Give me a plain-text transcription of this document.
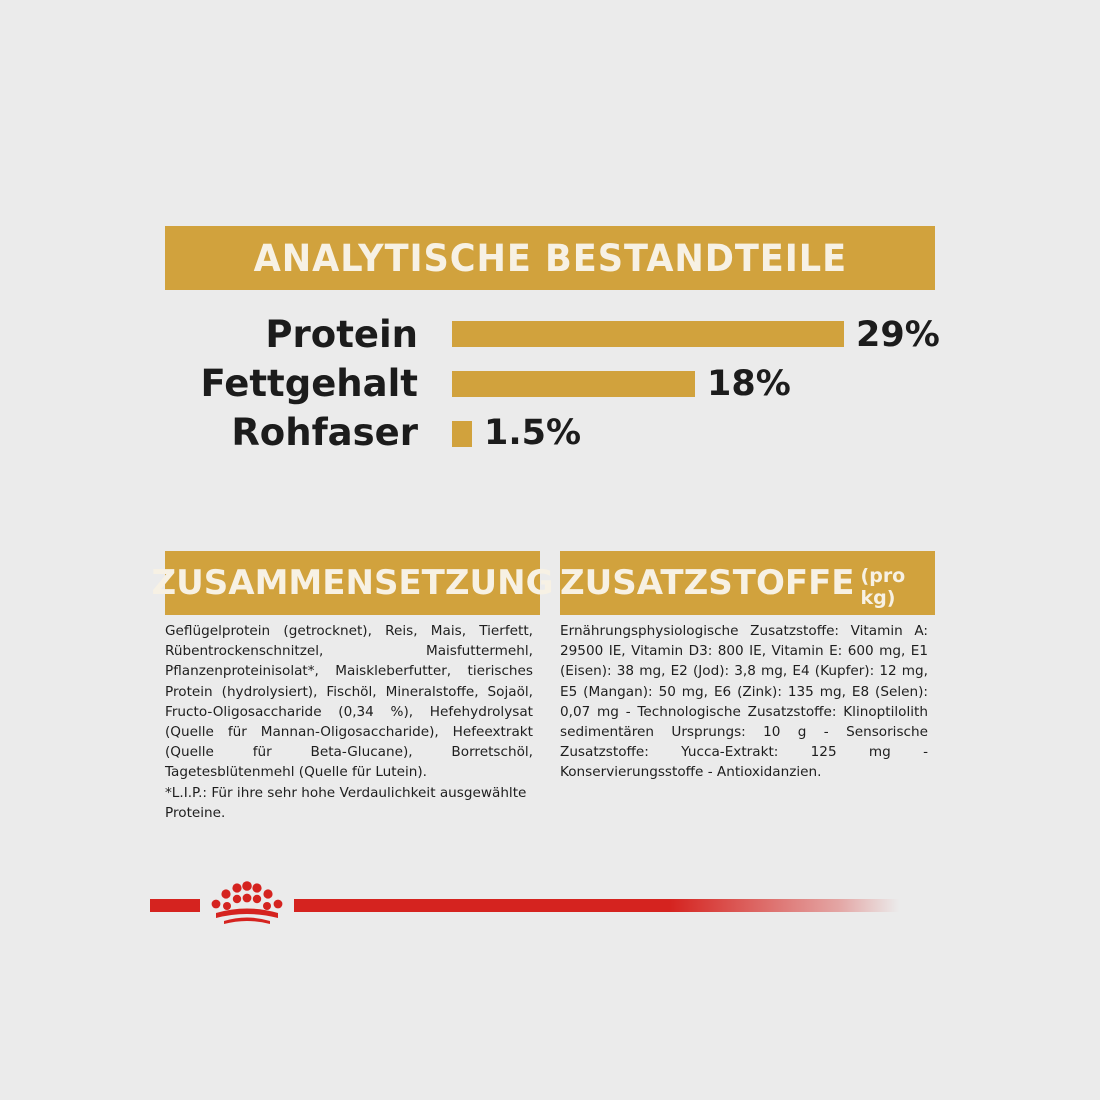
ANALYTISCHE BESTANDTEILE
Protein	29%
Fettgehalt	18%
Rohfaser 1.5%
ZUSAMMENSETZUNG
Geflügelprotein (getrocknet), Reis, Mais, Tierfett, Rübentrockenschnitzel, Maisfuttermehl, Pflanzenproteinisolat*, Maiskleberfutter, tierisches Protein (hydrolysiert), Fischöl, Mineralstoffe, Sojaöl, Fructo-Oligosaccharide (0,34 %), Hefehydrolysat (Quelle für Mannan-Oligosaccharide), Hefeextrakt (Quelle für Beta-Glucane), Borretschöl, Tagetesblütenmehl (Quelle für Lutein).
*L.I.P.: Für ihre sehr hohe Verdaulichkeit ausgewählte Proteine.
ZUSATZSTOFFE (pro kg)
Ernährungsphysiologische Zusatzstoffe: Vitamin A: 29500 IE, Vitamin D3: 800 IE, Vitamin E: 600 mg, E1 (Eisen): 38 mg, E2 (Jod): 3,8 mg, E4 (Kupfer): 12 mg, E5 (Mangan): 50 mg, E6 (Zink): 135 mg, E8 (Selen): 0,07 mg - Technologische Zusatzstoffe: Klinoptilolith sedimentären Ursprungs: 10 g - Sensorische Zusatzstoffe: Yucca-Extrakt: 125 mg - Konservierungsstoffe - Antioxidanzien.
